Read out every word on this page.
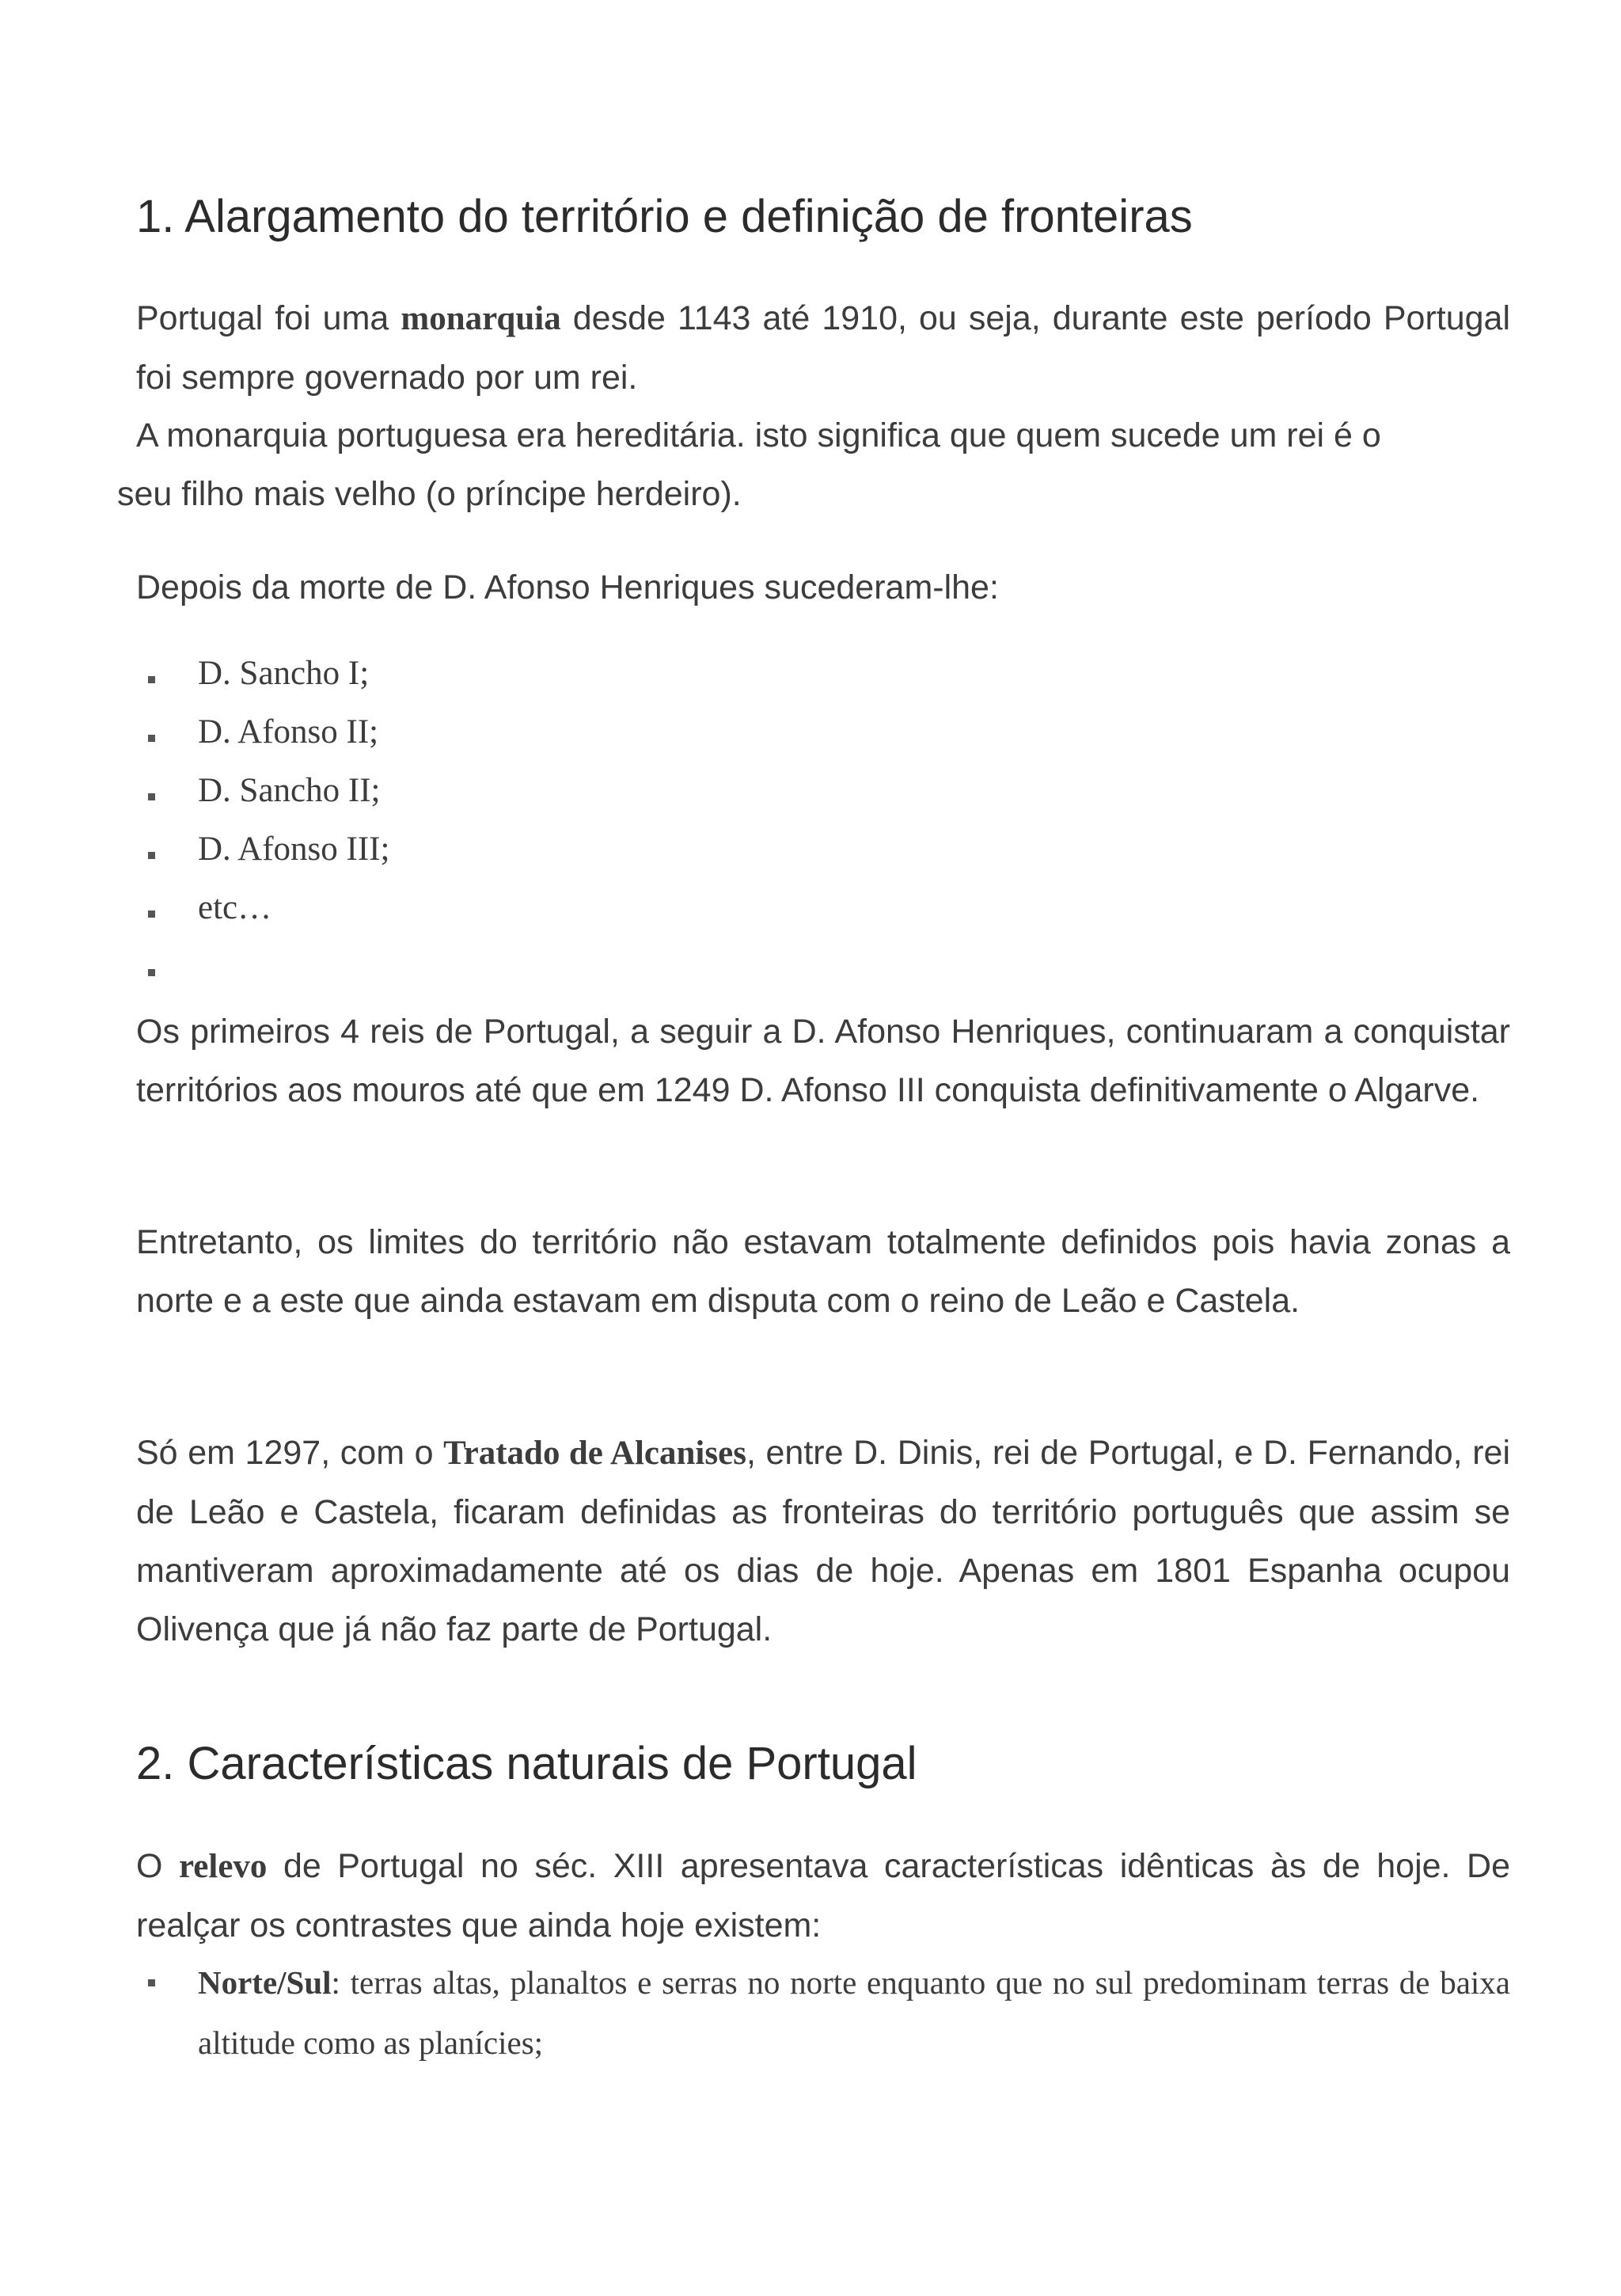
1. Alargamento do território e definição de fronteiras

Portugal foi uma monarquia desde 1143 até 1910, ou seja, durante este período Portugal foi sempre governado por um rei.

A monarquia portuguesa era hereditária. isto significa que quem sucede um rei é o

seu filho mais velho (o príncipe herdeiro).

Depois da morte de D. Afonso Henriques sucederam-lhe:

D. Sancho I;
D. Afonso II;
D. Sancho II;
D. Afonso III;
etc…

Os primeiros 4 reis de Portugal, a seguir a D. Afonso Henriques, continuaram a conquistar territórios aos mouros até que em 1249 D. Afonso III conquista definitivamente o Algarve.

Entretanto, os limites do território não estavam totalmente definidos pois havia zonas a norte e a este que ainda estavam em disputa com o reino de Leão e Castela.

Só em 1297, com o Tratado de Alcanises, entre D. Dinis, rei de Portugal, e D. Fernando, rei de Leão e Castela, ficaram definidas as fronteiras do território português que assim se mantiveram aproximadamente até os dias de hoje. Apenas em 1801 Espanha ocupou Olivença que já não faz parte de Portugal.

2. Características naturais de Portugal

O relevo de Portugal no séc. XIII apresentava características idênticas às de hoje. De realçar os contrastes que ainda hoje existem:

Norte/Sul: terras altas, planaltos e serras no norte enquanto que no sul predominam terras de baixa altitude como as planícies;
